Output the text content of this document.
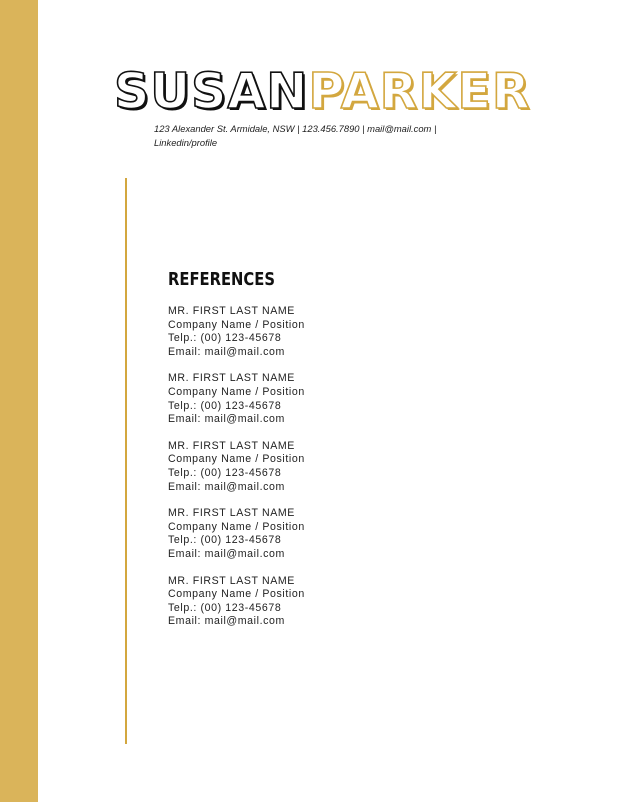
SUSANPARKER
123 Alexander St. Armidale, NSW | 123.456.7890 | mail@mail.com |
Linkedin/profile
REFERENCES
MR. FIRST LAST NAME
Company Name / Position
Telp.: (00) 123-45678
Email: mail@mail.com
MR. FIRST LAST NAME
Company Name / Position
Telp.: (00) 123-45678
Email: mail@mail.com
MR. FIRST LAST NAME
Company Name / Position
Telp.: (00) 123-45678
Email: mail@mail.com
MR. FIRST LAST NAME
Company Name / Position
Telp.: (00) 123-45678
Email: mail@mail.com
MR. FIRST LAST NAME
Company Name / Position
Telp.: (00) 123-45678
Email: mail@mail.com
